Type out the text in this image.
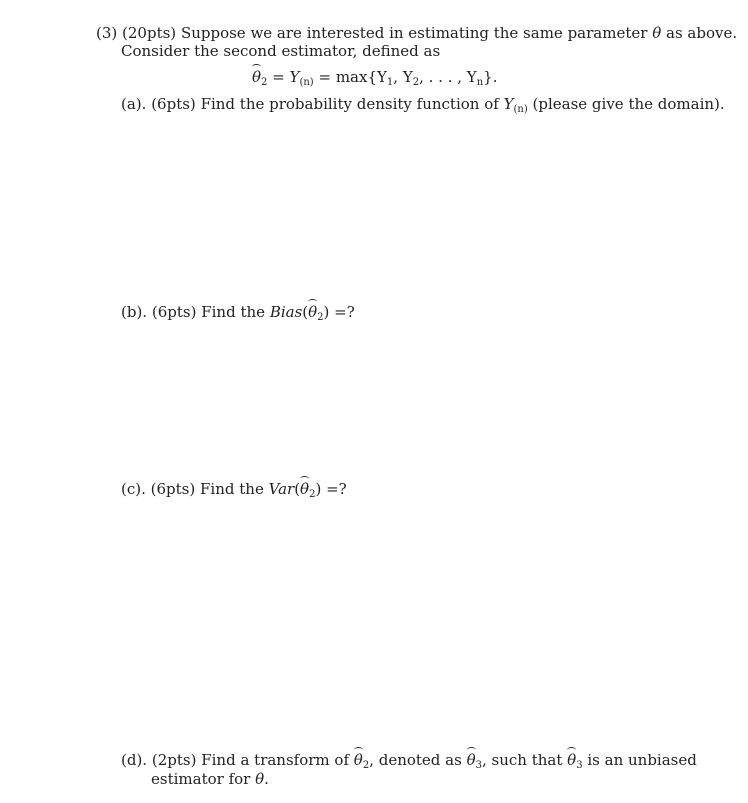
(3) (20pts) Suppose we are interested in estimating the same parameter θ as above.
Consider the second estimator, defined as
$\theta_2 = Y_{(n)} = \max\{Y_1$, $Y_2$, . . . , $Y_n$}.
(a). (6pts) Find the probability density function of $Y_{(n)}$ (please give the domain).
(b). (6pts) Find the $Bias(\theta_2)$ =?
(c). (6pts) Find the $Var(\theta_2)$ =?
(d). (2pts) Find a transform of $\theta_2$, denoted as $\theta_3$, such that $\theta_3$ is an unbiased
estimator for θ.
